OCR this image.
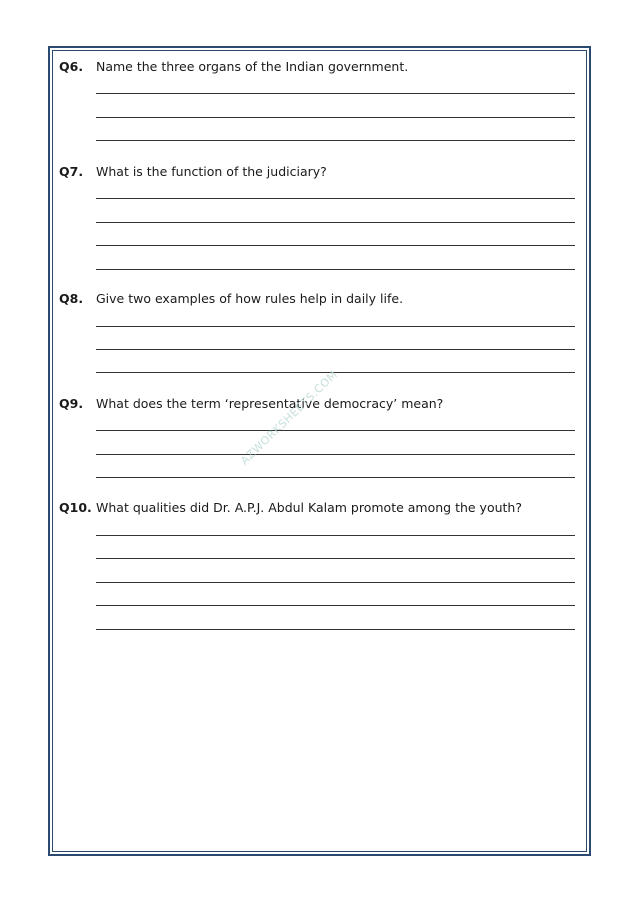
Q6. Name the three organs of the Indian government.
Q7. What is the function of the judiciary?
Q8. Give two examples of how rules help in daily life.
Q9. What does the term ‘representative democracy’ mean?
Q10. What qualities did Dr. A.P.J. Abdul Kalam promote among the youth?
AZWORKSHEETS.COM
